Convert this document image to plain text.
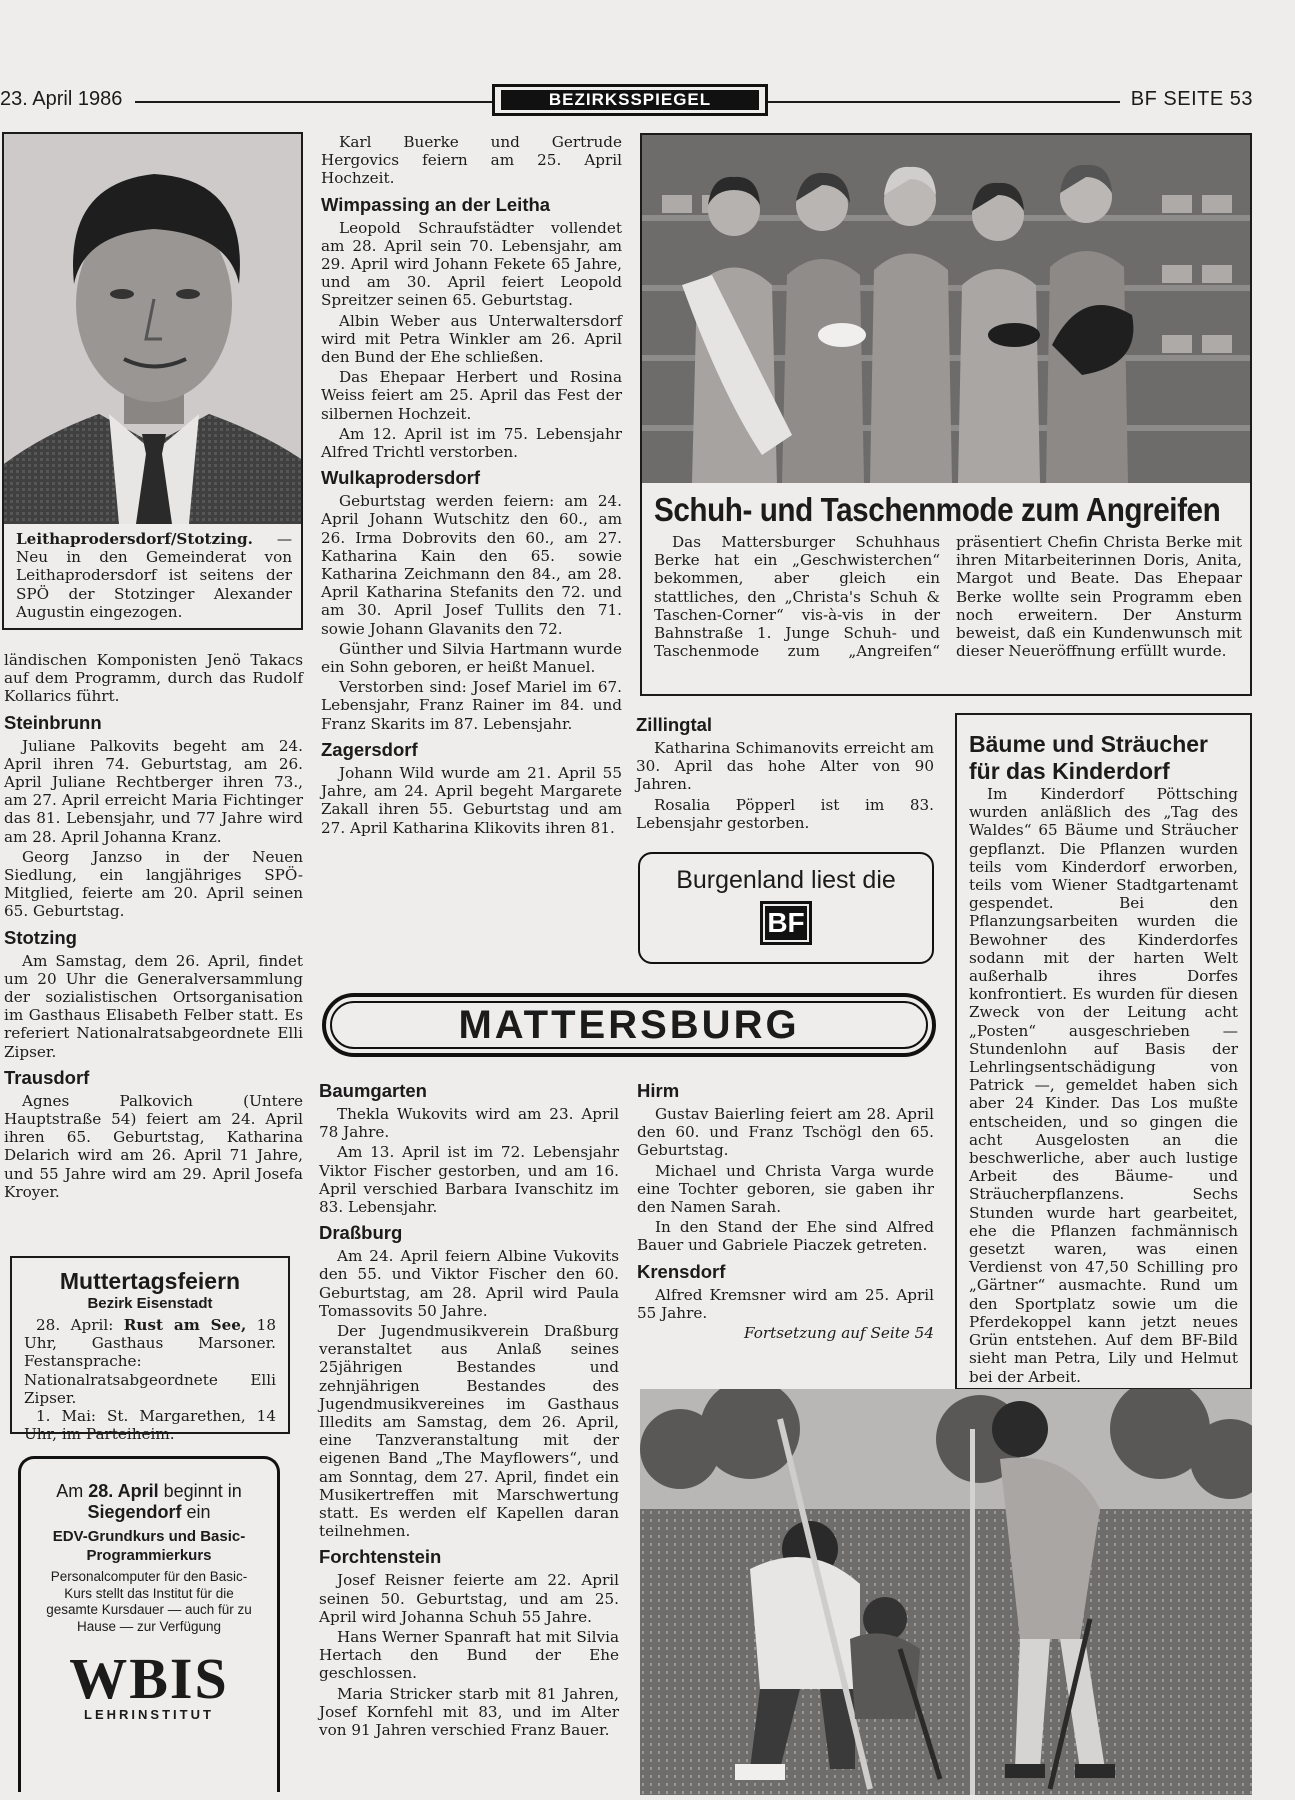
23. April 1986	BEZIRKSSPIEGEL	BF SEITE 53
Leithaprodersdorf/Stotzing. — Neu in den Gemeinderat von Leithaprodersdorf ist seitens der SPÖ der Stotzinger Alexander Augustin eingezogen.

ländischen Komponisten Jenö Takacs auf dem Programm, durch das Rudolf Kollarics führt.

Steinbrunn

Juliane Palkovits begeht am 24. April ihren 74. Geburtstag, am 26. April Juliane Rechtberger ihren 73., am 27. April erreicht Maria Fichtinger das 81. Lebensjahr, und 77 Jahre wird am 28. April Johanna Kranz.

Georg Janzso in der Neuen Siedlung, ein langjähriges SPÖ-Mitglied, feierte am 20. April seinen 65. Geburtstag.

Stotzing

Am Samstag, dem 26. April, findet um 20 Uhr die Generalversammlung der sozialistischen Ortsorganisation im Gasthaus Elisabeth Felber statt. Es referiert Nationalratsabgeordnete Elli Zipser.

Trausdorf

Agnes Palkovich (Untere Hauptstraße 54) feiert am 24. April ihren 65. Geburtstag, Katharina Delarich wird am 26. April 71 Jahre, und 55 Jahre wird am 29. April Josefa Kroyer.

Muttertagsfeiern
Bezirk Eisenstadt

28. April: Rust am See, 18 Uhr, Gasthaus Marsoner. Festansprache: Nationalratsabgeordnete Elli Zipser.

1. Mai: St. Margarethen, 14 Uhr, im Parteiheim.

Am 28. April beginnt in
Siegendorf ein
EDV-Grundkurs und Basic-Programmierkurs
Personalcomputer für den Basic-Kurs stellt das Institut für die gesamte Kursdauer — auch für zu Hause — zur Verfügung
WBIS
LEHRINSTITUT

Karl Buerke und Gertrude Hergovics feiern am 25. April Hochzeit.

Wimpassing an der Leitha

Leopold Schraufstädter vollendet am 28. April sein 70. Lebensjahr, am 29. April wird Johann Fekete 65 Jahre, und am 30. April feiert Leopold Spreitzer seinen 65. Geburtstag.

Albin Weber aus Unterwaltersdorf wird mit Petra Winkler am 26. April den Bund der Ehe schließen.

Das Ehepaar Herbert und Rosina Weiss feiert am 25. April das Fest der silbernen Hochzeit.

Am 12. April ist im 75. Lebensjahr Alfred Trichtl verstorben.

Wulkaprodersdorf

Geburtstag werden feiern: am 24. April Johann Wutschitz den 60., am 26. Irma Dobrovits den 60., am 27. Katharina Kain den 65. sowie Katharina Zeichmann den 84., am 28. April Katharina Stefanits den 72. und am 30. April Josef Tullits den 71. sowie Johann Glavanits den 72.

Günther und Silvia Hartmann wurde ein Sohn geboren, er heißt Manuel.

Verstorben sind: Josef Mariel im 67. Lebensjahr, Franz Rainer im 84. und Franz Skarits im 87. Lebensjahr.

Zagersdorf

Johann Wild wurde am 21. April 55 Jahre, am 24. April begeht Margarete Zakall ihren 55. Geburtstag und am 27. April Katharina Klikovits ihren 81.

Schuh- und Taschenmode zum Angreifen
Das Mattersburger Schuhhaus Berke hat ein „Geschwisterchen“ bekommen, aber gleich ein stattliches, den „Christa's Schuh & Taschen-Corner“ vis-à-vis in der Bahnstraße 1. Junge Schuh- und Taschenmode zum „Angreifen“ präsentiert Chefin Christa Berke mit ihren Mitarbeiterinnen Doris, Anita, Margot und Beate. Das Ehepaar Berke wollte sein Programm eben noch erweitern. Der Ansturm beweist, daß ein Kundenwunsch mit dieser Neueröffnung erfüllt wurde.
Zillingtal

Katharina Schimanovits erreicht am 30. April das hohe Alter von 90 Jahren.

Rosalia Pöpperl ist im 83. Lebensjahr gestorben.

Burgenland liest die
BF
Bäume und Sträucher für das Kinderdorf
Im Kinderdorf Pöttsching wurden anläßlich des „Tag des Waldes“ 65 Bäume und Sträucher gepflanzt. Die Pflanzen wurden teils vom Kinderdorf erworben, teils vom Wiener Stadtgartenamt gespendet. Bei den Pflanzungsarbeiten wurden die Bewohner des Kinderdorfes sodann mit der harten Welt außerhalb ihres Dorfes konfrontiert. Es wurden für diesen Zweck von der Leitung acht „Posten“ ausgeschrieben — Stundenlohn auf Basis der Lehrlingsentschädigung von Patrick —, gemeldet haben sich aber 24 Kinder. Das Los mußte entscheiden, und so gingen die acht Ausgelosten an die beschwerliche, aber auch lustige Arbeit des Bäume- und Sträucherpflanzens. Sechs Stunden wurde hart gearbeitet, ehe die Pflanzen fachmännisch gesetzt waren, was einen Verdienst von 47,50 Schilling pro „Gärtner“ ausmachte. Rund um den Sportplatz sowie um die Pferdekoppel kann jetzt neues Grün entstehen. Auf dem BF-Bild sieht man Petra, Lily und Helmut bei der Arbeit.
MATTERSBURG
Baumgarten

Thekla Wukovits wird am 23. April 78 Jahre.

Am 13. April ist im 72. Lebensjahr Viktor Fischer gestorben, und am 16. April verschied Barbara Ivanschitz im 83. Lebensjahr.

Draßburg

Am 24. April feiern Albine Vukovits den 55. und Viktor Fischer den 60. Geburtstag, am 28. April wird Paula Tomassovits 50 Jahre.

Der Jugendmusikverein Draßburg veranstaltet aus Anlaß seines 25jährigen Bestandes und zehnjährigen Bestandes des Jugendmusikvereines im Gasthaus Illedits am Samstag, dem 26. April, eine Tanzveranstaltung mit der eigenen Band „The Mayflowers“, und am Sonntag, dem 27. April, findet ein Musikertreffen mit Marschwertung statt. Es werden elf Kapellen daran teilnehmen.

Forchtenstein

Josef Reisner feierte am 22. April seinen 50. Geburtstag, und am 25. April wird Johanna Schuh 55 Jahre.

Hans Werner Spanraft hat mit Silvia Hertach den Bund der Ehe geschlossen.

Maria Stricker starb mit 81 Jahren, Josef Kornfehl mit 83, und im Alter von 91 Jahren verschied Franz Bauer.

Hirm

Gustav Baierling feiert am 28. April den 60. und Franz Tschögl den 65. Geburtstag.

Michael und Christa Varga wurde eine Tochter geboren, sie gaben ihr den Namen Sarah.

In den Stand der Ehe sind Alfred Bauer und Gabriele Piaczek getreten.

Krensdorf

Alfred Kremsner wird am 25. April 55 Jahre.

Fortsetzung auf Seite 54
